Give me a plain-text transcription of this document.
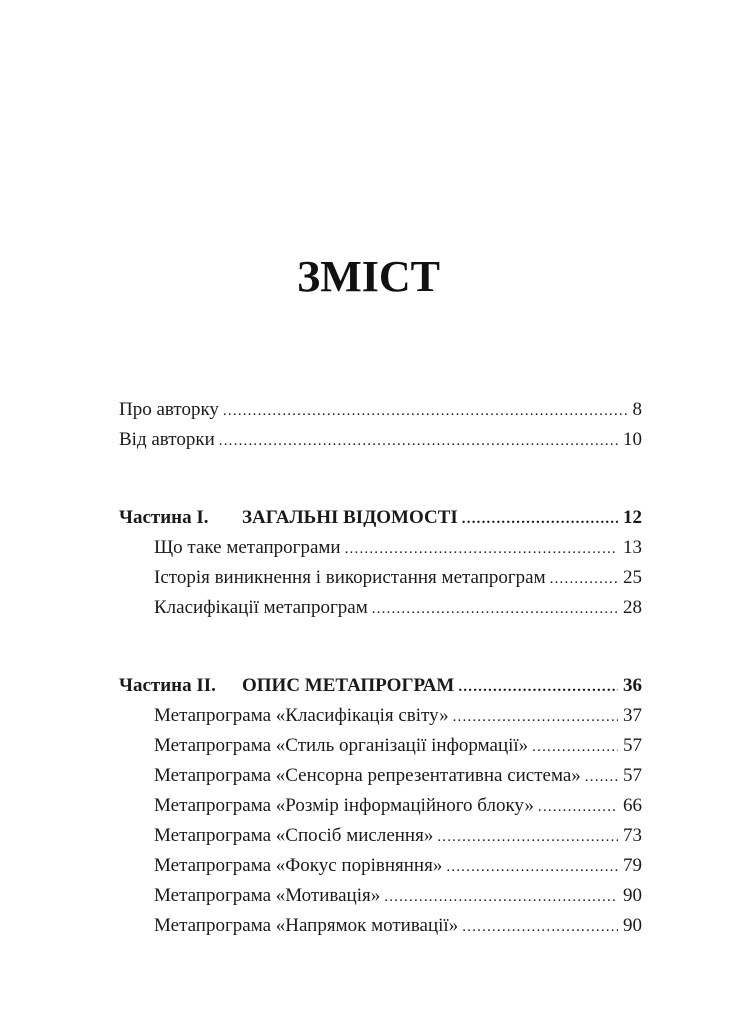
ЗМІСТ
Про авторку .....	8
Від авторки .....	10
Частина I. ЗАГАЛЬНІ ВІДОМОСТІ .....	12
Що таке метапрограми .....	13
Історія виникнення і використання метапрограм .....	25
Класифікації метапрограм .....	28
Частина II. ОПИС МЕТАПРОГРАМ .....	36
Метапрограма «Класифікація світу» .....	37
Метапрограма «Стиль організації інформації» .....	57
Метапрограма «Сенсорна репрезентативна система» ..... 57
Метапрограма «Розмір інформаційного блоку» .....	66
Метапрограма «Спосіб мислення» .....	73
Метапрограма «Фокус порівняння» .....	79
Метапрограма «Мотивація» .....	90
Метапрограма «Напрямок мотивації» .....	90
